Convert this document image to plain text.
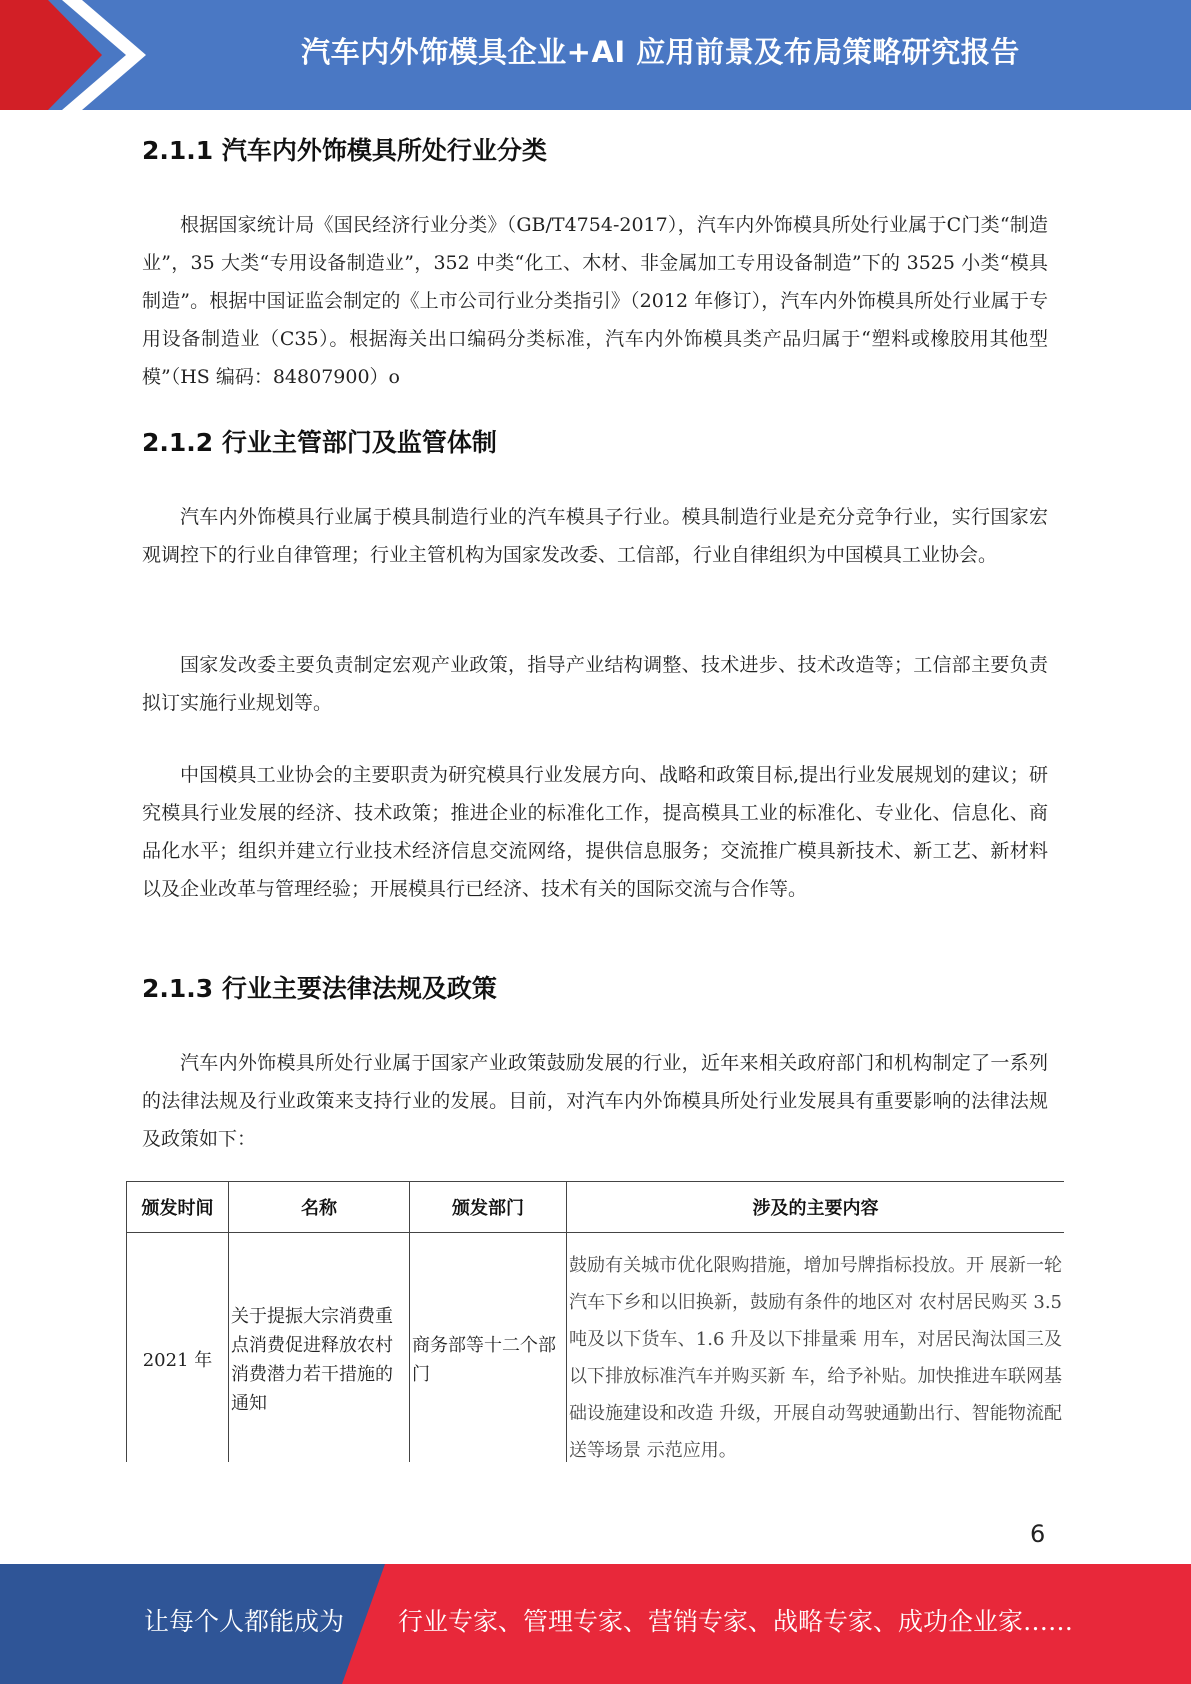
汽车内外饰模具企业+AI 应用前景及布局策略研究报告
2.1.1 汽车内外饰模具所处行业分类

根据国家统计局《国民经济行业分类》（GB/T4754-2017），汽车内外饰模具所处行业属于C门类“制造业”，35 大类“专用设备制造业”，352 中类“化工、木材、非金属加工专用设备制造”下的 3525 小类“模具制造”。根据中国证监会制定的《上市公司行业分类指引》（2012 年修订），汽车内外饰模具所处行业属于专用设备制造业（C35）。根据海关出口编码分类标准，汽车内外饰模具类产品归属于“塑料或橡胶用其他型模”（HS 编码：84807900）o

2.1.2 行业主管部门及监管体制

汽车内外饰模具行业属于模具制造行业的汽车模具子行业。模具制造行业是充分竞争行业，实行国家宏观调控下的行业自律管理；行业主管机构为国家发改委、工信部，行业自律组织为中国模具工业协会。

国家发改委主要负责制定宏观产业政策，指导产业结构调整、技术进步、技术改造等；工信部主要负责拟订实施行业规划等。

中国模具工业协会的主要职责为研究模具行业发展方向、战略和政策目标,提出行业发展规划的建议；研究模具行业发展的经济、技术政策；推进企业的标准化工作，提高模具工业的标准化、专业化、信息化、商品化水平；组织并建立行业技术经济信息交流网络，提供信息服务；交流推广模具新技术、新工艺、新材料以及企业改革与管理经验；开展模具行已经济、技术有关的国际交流与合作等。

2.1.3 行业主要法律法规及政策

汽车内外饰模具所处行业属于国家产业政策鼓励发展的行业，近年来相关政府部门和机构制定了一系列的法律法规及行业政策来支持行业的发展。目前，对汽车内外饰模具所处行业发展具有重要影响的法律法规及政策如下：

颁发时间	名称	颁发部门	涉及的主要内容
2021 年	关于提振大宗消费重点消费促进释放农村消费潜力若干措施的通知	商务部等十二个部门	鼓励有关城市优化限购措施，增加号牌指标投放。开 展新一轮汽车下乡和以旧换新，鼓励有条件的地区对 农村居民购买 3.5 吨及以下货车、1.6 升及以下排量乘 用车，对居民淘汰国三及以下排放标准汽车并购买新 车，给予补贴。加快推进车联网基础设施建设和改造 升级，开展自动驾驶通勤出行、智能物流配送等场景 示范应用。
6
让每个人都能成为 行业专家、管理专家、营销专家、战略专家、成功企业家……
